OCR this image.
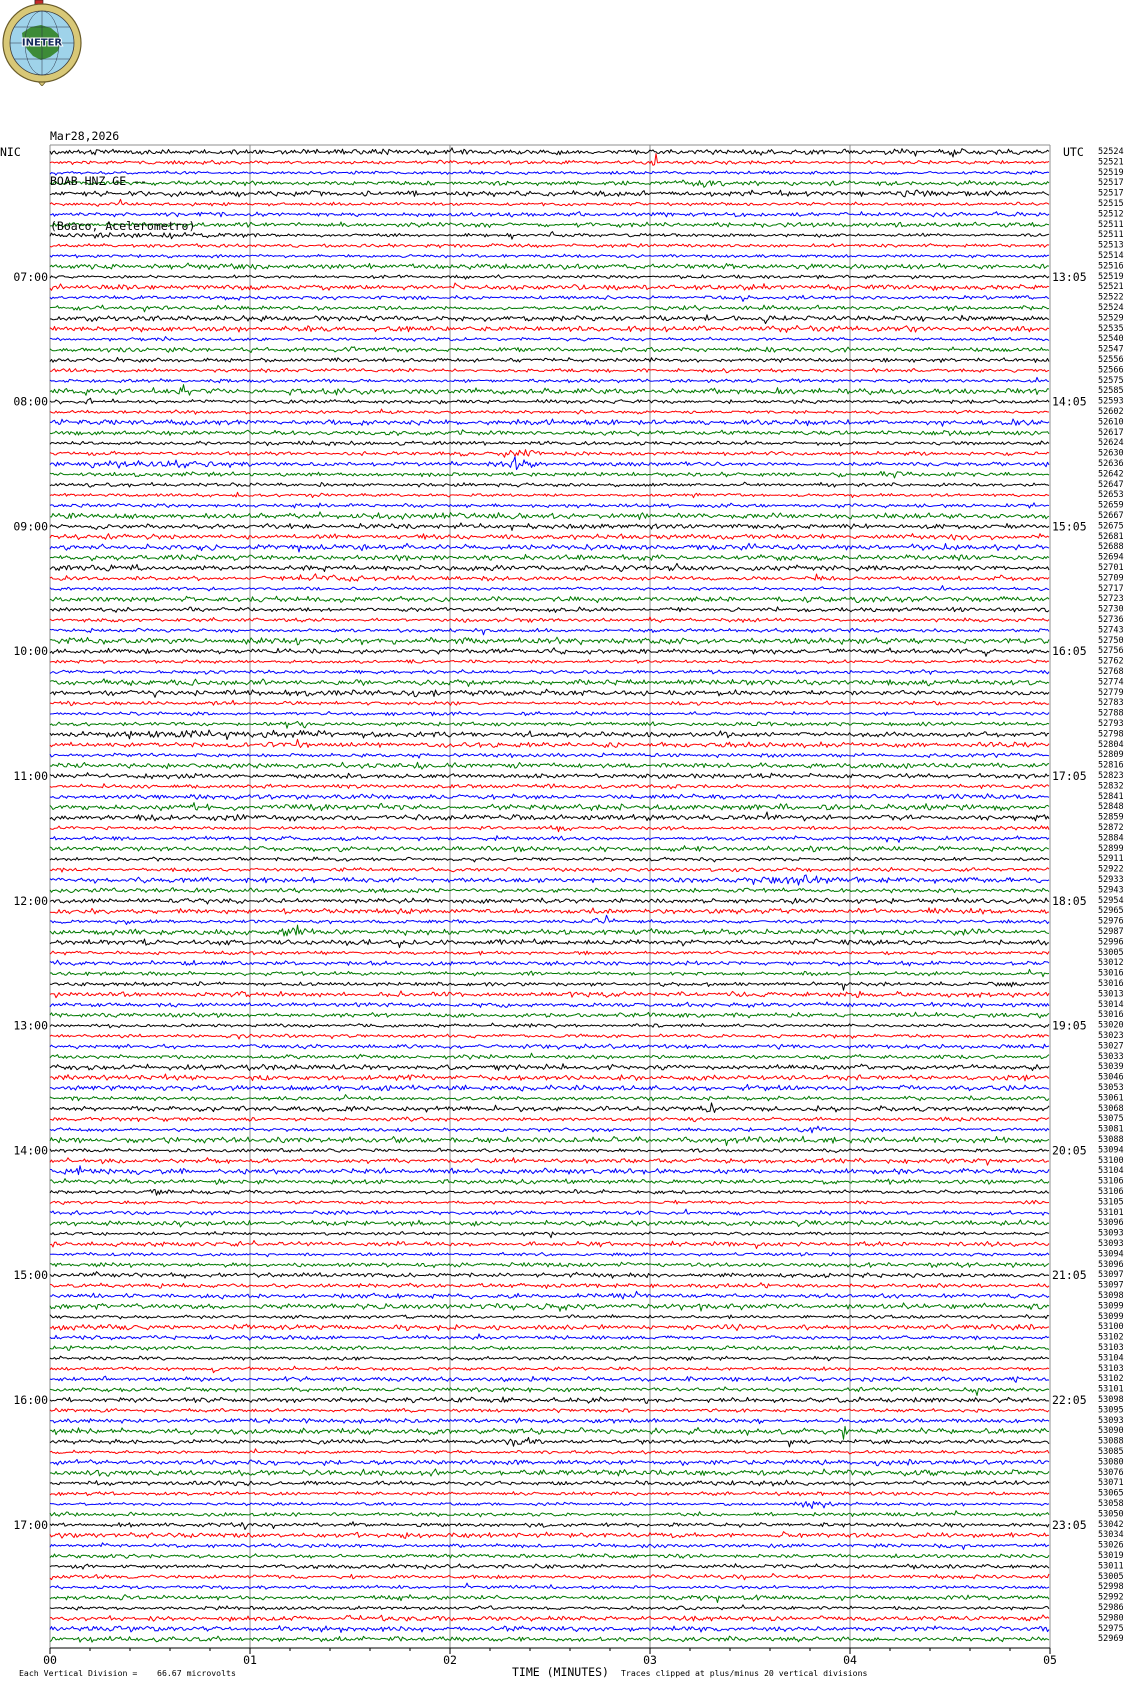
00	01	02	03	04	05
52524
52521
52519
52517
52517
52515
52512
52511
52511
52513
52514
52516
52519
52521
52522
52524
52529
52535
52540
52547
52556
52566
52575
52585
52593
52602
52610
52617
52624
52630
52636
52642
52647
52653
52659
52667
52675
52681
52688
52694
52701
52709
52717
52723
52730
52736
52743
52750
52756
52762
52768
52774
52779
52783
52788
52793
52798
52804
52809
52816
52823
52832
52841
52848
52859
52872
52884
52899
52911
52922
52933
52943
52954
52965
52976
52987
52996
53005
53012
53016
53016
53013
53014
53016
53020
53023
53027
53033
53039
53046
53053
53061
53068
53075
53081
53088
53094
53100
53104
53106
53106
53105
53101
53096
53093
53093
53094
53096
53097
53097
53098
53099
53099
53100
53102
53103
53104
53103
53102
53101
53098
53095
53093
53090
53088
53085
53080
53076
53071
53065
53058
53050
53042
53034
53026
53019
53011
53005
52998
52992
52986
52980
52975
52969
NIC	UTC
07:00
08:00
09:00
10:00
11:00
12:00
13:00
14:00
15:00
16:00
17:00
13:05
14:05
15:05
16:05
17:05
18:05
19:05
20:05
21:05
22:05
23:05
TIME (MINUTES)
Each Vertical Division =    66.67 microvolts	Traces clipped at plus/minus 20 vertical divisions
INETER

Mar28,2026

BOAB HNZ GE --

(Boaco, Acelerometro)
